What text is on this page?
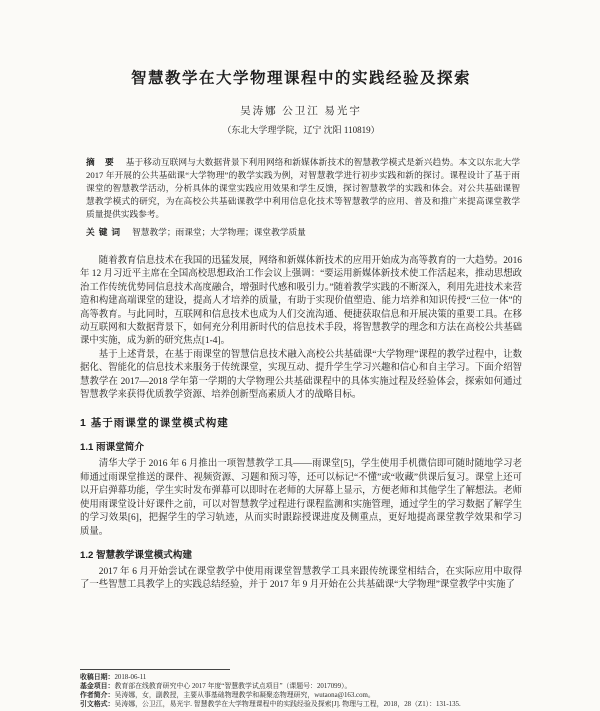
智慧教学在大学物理课程中的实践经验及探索
吴涛娜 公卫江 易光宇
（东北大学理学院，辽宁 沈阳 110819）
摘 要 基于移动互联网与大数据背景下利用网络和新媒体新技术的智慧教学模式是新兴趋势。本文以东北大学 2017 年开展的公共基础课“大学物理”的教学实践为例，对智慧教学进行初步实践和新的探讨。课程设计了基于雨课堂的智慧教学活动，分析具体的课堂实践应用效果和学生反馈，探讨智慧教学的实践和体会。对公共基础课智慧教学模式的研究，为在高校公共基础课教学中利用信息化技术等智慧教学的应用、普及和推广来提高课堂教学质量提供实践参考。
关键词 智慧教学；雨课堂；大学物理；课堂教学质量

随着教育信息技术在我国的迅猛发展，网络和新媒体新技术的应用开始成为高等教育的一大趋势。2016 年 12 月习近平主席在全国高校思想政治工作会议上强调：“要运用新媒体新技术使工作活起来，推动思想政治工作传统优势同信息技术高度融合，增强时代感和吸引力。”随着教学实践的不断深入，利用先进技术来营造和构建高端课堂的建设，提高人才培养的质量，有助于实现价值塑造、能力培养和知识传授“三位一体”的高等教育。与此同时，互联网和信息技术也成为人们交流沟通、便捷获取信息和开展决策的重要工具。在移动互联网和大数据背景下，如何充分利用新时代的信息技术手段，将智慧教学的理念和方法在高校公共基础课中实施，成为新的研究焦点[1-4]。

基于上述背景，在基于雨课堂的智慧信息技术融入高校公共基础课“大学物理”课程的教学过程中，让数据化、智能化的信息技术来服务于传统课堂，实现互动、提升学生学习兴趣和信心和自主学习。下面介绍智慧教学在 2017—2018 学年第一学期的大学物理公共基础课程中的具体实施过程及经验体会，探索如何通过智慧教学来获得优质教学资源、培养创新型高素质人才的战略目标。

1 基于雨课堂的课堂模式构建
1.1 雨课堂简介

清华大学于 2016 年 6 月推出一项智慧教学工具——雨课堂[5]，学生使用手机微信即可随时随地学习老师通过雨课堂推送的课件、视频资源、习题和预习等，还可以标记“不懂”或“收藏”供课后复习。课堂上还可以开启弹幕功能，学生实时发布弹幕可以即时在老师的大屏幕上显示，方便老师和其他学生了解想法。老师使用雨课堂设计好课件之前，可以对智慧教学过程进行课程监测和实施管理，通过学生的学习数据了解学生的学习效果[6]，把握学生的学习轨迹，从而实时跟踪授课进度及侧重点，更好地提高课堂教学效果和学习质量。

1.2 智慧教学课堂模式构建

2017 年 6 月开始尝试在课堂教学中使用雨课堂智慧教学工具来跟传统课堂相结合，在实际应用中取得了一些智慧工具教学上的实践总结经验，并于 2017 年 9 月开始在公共基础课“大学物理”课堂教学中实施了

收稿日期：2018-06-11
基金项目：教育部在线教育研究中心 2017 年度“智慧教学试点项目”（课题号：2017099）。
作者简介：吴涛娜，女，副教授，主要从事基础物理教学和凝聚态物理研究，wutaona@163.com。
引文格式：吴涛娜，公卫江，易光宇. 智慧教学在大学物理课程中的实践经验及探索[J]. 物理与工程，2018，28（Z1）：131-135.
